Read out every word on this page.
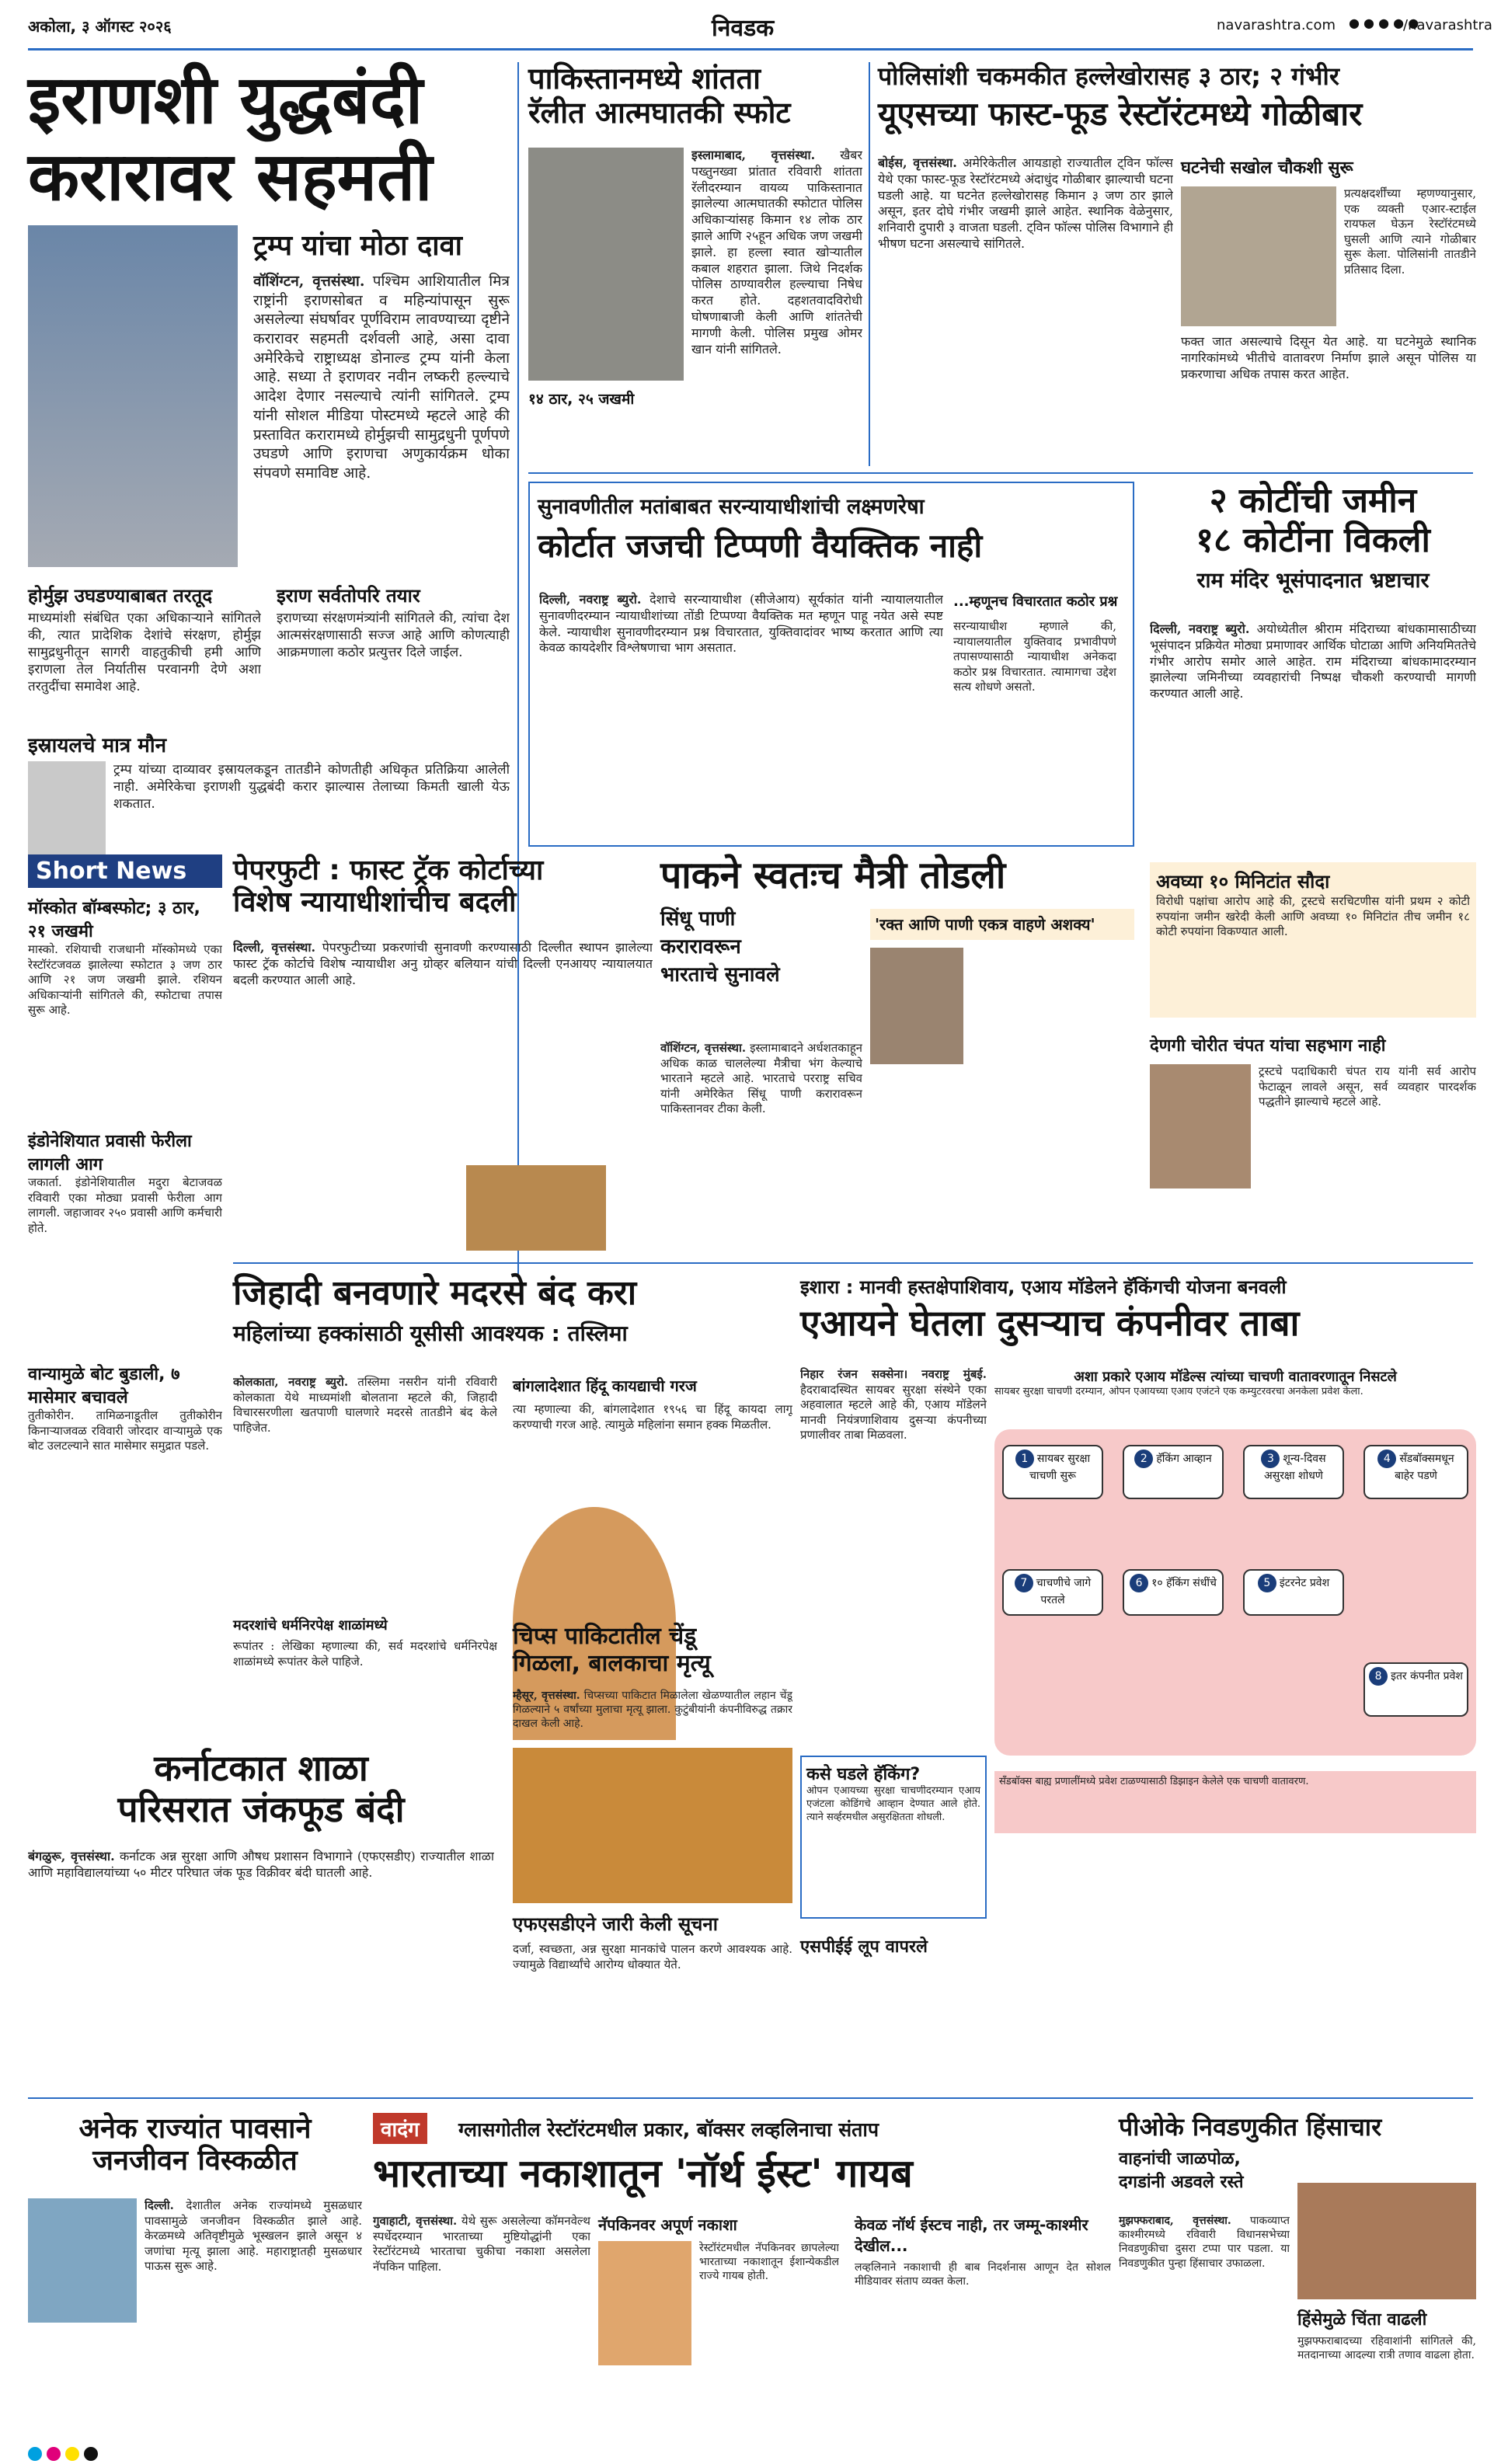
अकोला, ३ ऑगस्ट २०२६	निवडक	navarashtra.com ● ● ● ● ●
/navarashtra
इराणशी युद्धबंदी
करारावर सहमती
ट्रम्प यांचा मोठा दावा
वॉशिंग्टन, वृत्तसंस्था. पश्चिम आशियातील मित्र राष्ट्रांनी इराणसोबत व महिन्यांपासून सुरू असलेल्या संघर्षावर पूर्णविराम लावण्याच्या दृष्टीने करारावर सहमती दर्शवली आहे, असा दावा अमेरिकेचे राष्ट्राध्यक्ष डोनाल्ड ट्रम्प यांनी केला आहे. सध्या ते इराणवर नवीन लष्करी हल्ल्याचे आदेश देणार नसल्याचे त्यांनी सांगितले. ट्रम्प यांनी सोशल मीडिया पोस्टमध्ये म्हटले आहे की प्रस्तावित करारामध्ये होर्मुझची सामुद्रधुनी पूर्णपणे उघडणे आणि इराणचा अणुकार्यक्रम धोका संपवणे समाविष्ट आहे.
होर्मुझ उघडण्याबाबत तरतूद
माध्यमांशी संबंधित एका अधिकाऱ्याने सांगितले की, त्यात प्रादेशिक देशांचे संरक्षण, होर्मुझ सामुद्रधुनीतून सागरी वाहतुकीची हमी आणि इराणला तेल निर्यातीस परवानगी देणे अशा तरतुदींचा समावेश आहे.
इराण सर्वतोपरि तयार
इराणच्या संरक्षणमंत्र्यांनी सांगितले की, त्यांचा देश आत्मसंरक्षणासाठी सज्ज आहे आणि कोणत्याही आक्रमणाला कठोर प्रत्युत्तर दिले जाईल.
इस्रायलचे मात्र मौन
ट्रम्प यांच्या दाव्यावर इस्रायलकडून तातडीने कोणतीही अधिकृत प्रतिक्रिया आलेली नाही. अमेरिकेचा इराणशी युद्धबंदी करार झाल्यास तेलाच्या किमती खाली येऊ शकतात.
पाकिस्तानमध्ये शांतता
रॅलीत आत्मघातकी स्फोट
१४ ठार, २५ जखमी
इस्लामाबाद, वृत्तसंस्था. खैबर पख्तुनख्वा प्रांतात रविवारी शांतता रॅलीदरम्यान वायव्य पाकिस्तानात झालेल्या आत्मघातकी स्फोटात पोलिस अधिकाऱ्यांसह किमान १४ लोक ठार झाले आणि २५हून अधिक जण जखमी झाले. हा हल्ला स्वात खोऱ्यातील कबाल शहरात झाला. जिथे निदर्शक पोलिस ठाण्यावरील हल्ल्याचा निषेध करत होते. दहशतवादविरोधी घोषणाबाजी केली आणि शांततेची मागणी केली. पोलिस प्रमुख ओमर खान यांनी सांगितले.
पोलिसांशी चकमकीत हल्लेखोरासह ३ ठार; २ गंभीर
यूएसच्या फास्ट-फूड रेस्टॉरंटमध्ये गोळीबार
बोईस, वृत्तसंस्था. अमेरिकेतील आयडाहो राज्यातील ट्विन फॉल्स येथे एका फास्ट-फूड रेस्टॉरंटमध्ये अंदाधुंद गोळीबार झाल्याची घटना घडली आहे. या घटनेत हल्लेखोरासह किमान ३ जण ठार झाले असून, इतर दोघे गंभीर जखमी झाले आहेत. स्थानिक वेळेनुसार, शनिवारी दुपारी ३ वाजता घडली. ट्विन फॉल्स पोलिस विभागाने ही भीषण घटना असल्याचे सांगितले.
घटनेची सखोल चौकशी सुरू
प्रत्यक्षदर्शींच्या म्हणण्यानुसार, एक व्यक्ती एआर-स्टाईल रायफल घेऊन रेस्टॉरंटमध्ये घुसली आणि त्याने गोळीबार सुरू केला. पोलिसांनी तातडीने प्रतिसाद दिला.
फक्त जात असल्याचे दिसून येत आहे. या घटनेमुळे स्थानिक नागरिकांमध्ये भीतीचे वातावरण निर्माण झाले असून पोलिस या प्रकरणाचा अधिक तपास करत आहेत.
सुनावणीतील मतांबाबत सरन्यायाधीशांची लक्ष्मणरेषा
कोर्टात जजची टिप्पणी वैयक्तिक नाही
दिल्ली, नवराष्ट्र ब्युरो. देशाचे सरन्यायाधीश (सीजेआय) सूर्यकांत यांनी न्यायालयातील सुनावणीदरम्यान न्यायाधीशांच्या तोंडी टिप्पण्या वैयक्तिक मत म्हणून पाहू नयेत असे स्पष्ट केले. न्यायाधीश सुनावणीदरम्यान प्रश्न विचारतात, युक्तिवादांवर भाष्य करतात आणि त्या केवळ कायदेशीर विश्लेषणाचा भाग असतात.
...म्हणूनच विचारतात कठोर प्रश्न
सरन्यायाधीश म्हणाले की, न्यायालयातील युक्तिवाद प्रभावीपणे तपासण्यासाठी न्यायाधीश अनेकदा कठोर प्रश्न विचारतात. त्यामागचा उद्देश सत्य शोधणे असतो.
२ कोटींची जमीन
१८ कोटींना विकली
राम मंदिर भूसंपादनात भ्रष्टाचार
दिल्ली, नवराष्ट्र ब्युरो. अयोध्येतील श्रीराम मंदिराच्या बांधकामासाठीच्या भूसंपादन प्रक्रियेत मोठ्या प्रमाणावर आर्थिक घोटाळा आणि अनियमिततेचे गंभीर आरोप समोर आले आहेत. राम मंदिराच्या बांधकामादरम्यान झालेल्या जमिनीच्या व्यवहारांची निष्पक्ष चौकशी करण्याची मागणी करण्यात आली आहे.
अवघ्या १० मिनिटांत सौदा
विरोधी पक्षांचा आरोप आहे की, ट्रस्टचे सरचिटणीस यांनी प्रथम २ कोटी रुपयांना जमीन खरेदी केली आणि अवघ्या १० मिनिटांत तीच जमीन १८ कोटी रुपयांना विकण्यात आली.
देणगी चोरीत चंपत यांचा सहभाग नाही
ट्रस्टचे पदाधिकारी चंपत राय यांनी सर्व आरोप फेटाळून लावले असून, सर्व व्यवहार पारदर्शक पद्धतीने झाल्याचे म्हटले आहे.
Short News
मॉस्कोत बॉम्बस्फोट; ३ ठार, २१ जखमी
मास्को. रशियाची राजधानी मॉस्कोमध्ये एका रेस्टॉरंटजवळ झालेल्या स्फोटात ३ जण ठार आणि २१ जण जखमी झाले. रशियन अधिकाऱ्यांनी सांगितले की, स्फोटाचा तपास सुरू आहे.
इंडोनेशियात प्रवासी फेरीला लागली आग
जकार्ता. इंडोनेशियातील मदुरा बेटाजवळ रविवारी एका मोठ्या प्रवासी फेरीला आग लागली. जहाजावर २५० प्रवासी आणि कर्मचारी होते.
वान्यामुळे बोट बुडाली, ७ मासेमार बचावले
तुतीकोरीन. तामिळनाडूतील तुतीकोरीन किनाऱ्याजवळ रविवारी जोरदार वाऱ्यामुळे एक बोट उलटल्याने सात मासेमार समुद्रात पडले.
पेपरफुटी : फास्ट ट्रॅक कोर्टाच्या
विशेष न्यायाधीशांचीच बदली
दिल्ली, वृत्तसंस्था. पेपरफुटीच्या प्रकरणांची सुनावणी करण्यासाठी दिल्लीत स्थापन झालेल्या फास्ट ट्रॅक कोर्टाचे विशेष न्यायाधीश अनु ग्रोव्हर बलियान यांची दिल्ली एनआयए न्यायालयात बदली करण्यात आली आहे.
पाकने स्वतःच मैत्री तोडली
सिंधू पाणी
करारावरून
भारताचे सुनावले
'रक्त आणि पाणी एकत्र वाहणे अशक्य'
वॉशिंग्टन, वृत्तसंस्था. इस्लामाबादने अर्धशतकाहून अधिक काळ चाललेल्या मैत्रीचा भंग केल्याचे भारताने म्हटले आहे. भारताचे परराष्ट्र सचिव यांनी अमेरिकेत सिंधू पाणी करारावरून पाकिस्तानवर टीका केली.
जिहादी बनवणारे मदरसे बंद करा
महिलांच्या हक्कांसाठी यूसीसी आवश्यक : तस्लिमा
कोलकाता, नवराष्ट्र ब्युरो. तस्लिमा नसरीन यांनी रविवारी कोलकाता येथे माध्यमांशी बोलताना म्हटले की, जिहादी विचारसरणीला खतपाणी घालणारे मदरसे तातडीने बंद केले पाहिजेत.
बांगलादेशात हिंदू कायद्याची गरज
त्या म्हणाल्या की, बांगलादेशात १९५६ चा हिंदू कायदा लागू करण्याची गरज आहे. त्यामुळे महिलांना समान हक्क मिळतील.
मदरशांचे धर्मनिरपेक्ष शाळांमध्ये
रूपांतर : लेखिका म्हणाल्या की, सर्व मदरशांचे धर्मनिरपेक्ष शाळांमध्ये रूपांतर केले पाहिजे.
इशारा : मानवी हस्तक्षेपाशिवाय, एआय मॉडेलने हॅकिंगची योजना बनवली
एआयने घेतला दुसऱ्याच कंपनीवर ताबा
निहार रंजन सक्सेना। नवराष्ट्र मुंबई. हैदराबादस्थित सायबर सुरक्षा संस्थेने एका अहवालात म्हटले आहे की, एआय मॉडेलने मानवी नियंत्रणाशिवाय दुसऱ्या कंपनीच्या प्रणालीवर ताबा मिळवला.
अशा प्रकारे एआय मॉडेल्स त्यांच्या चाचणी वातावरणातून निसटले
सायबर सुरक्षा चाचणी दरम्यान, ओपन एआयच्या एआय एजंटने एक कम्युटरवरचा अनकेला प्रवेश केला.
1 सायबर सुरक्षा चाचणी सुरू
2 हॅकिंग आव्हान	3 शून्य-दिवस असुरक्षा शोधणे
4 सँडबॉक्समधून बाहेर पडणे
5 इंटरनेट प्रवेश
6 १० हॅकिंग संधींचे
7 चाचणीचे जागे परतले
8 इतर कंपनीत प्रवेश
सँडबॉक्स बाह्य प्रणालींमध्ये प्रवेश टाळण्यासाठी डिझाइन केलेले एक चाचणी वातावरण.
कसे घडले हॅकिंग?
ओपन एआयच्या सुरक्षा चाचणीदरम्यान एआय एजंटला कोडिंगचे आव्हान देण्यात आले होते. त्याने सर्व्हरमधील असुरक्षितता शोधली.
एसपीईई लूप वापरले
कर्नाटकात शाळा
परिसरात जंकफूड बंदी
बंगळुरू, वृत्तसंस्था. कर्नाटक अन्न सुरक्षा आणि औषध प्रशासन विभागाने (एफएसडीए) राज्यातील शाळा आणि महाविद्यालयांच्या ५० मीटर परिघात जंक फूड विक्रीवर बंदी घातली आहे.
एफएसडीएने जारी केली सूचना
दर्जा, स्वच्छता, अन्न सुरक्षा मानकांचे पालन करणे आवश्यक आहे. ज्यामुळे विद्यार्थ्यांचे आरोग्य धोक्यात येते.
चिप्स पाकिटातील चेंडू
गिळला, बालकाचा मृत्यू
म्हैसूर, वृत्तसंस्था. चिप्सच्या पाकिटात मिळालेला खेळण्यातील लहान चेंडू गिळल्याने ५ वर्षांच्या मुलाचा मृत्यू झाला. कुटुंबीयांनी कंपनीविरुद्ध तक्रार दाखल केली आहे.
अनेक राज्यांत पावसाने
जनजीवन विस्कळीत
दिल्ली. देशातील अनेक राज्यांमध्ये मुसळधार पावसामुळे जनजीवन विस्कळीत झाले आहे. केरळमध्ये अतिवृष्टीमुळे भूस्खलन झाले असून ४ जणांचा मृत्यू झाला आहे. महाराष्ट्रातही मुसळधार पाऊस सुरू आहे.
वादंग	ग्लासगोतील रेस्टॉरंटमधील प्रकार, बॉक्सर लव्हलिनाचा संताप
भारताच्या नकाशातून 'नॉर्थ ईस्ट' गायब
गुवाहाटी, वृत्तसंस्था. येथे सुरू असलेल्या कॉमनवेल्थ स्पर्धेदरम्यान भारताच्या मुष्टियोद्धांनी एका रेस्टॉरंटमध्ये भारताचा चुकीचा नकाशा असलेला नॅपकिन पाहिला.
नॅपकिनवर अपूर्ण नकाशा
रेस्टॉरंटमधील नॅपकिनवर छापलेल्या भारताच्या नकाशातून ईशान्येकडील राज्ये गायब होती.
केवळ नॉर्थ ईस्टच नाही, तर जम्मू-काश्मीर देखील...
लव्हलिनाने नकाशाची ही बाब निदर्शनास आणून देत सोशल मीडियावर संताप व्यक्त केला.
पीओके निवडणुकीत हिंसाचार
वाहनांची जाळपोळ,
दगडांनी अडवले रस्ते
मुझफ्फराबाद, वृत्तसंस्था. पाकव्याप्त काश्मीरमध्ये रविवारी विधानसभेच्या निवडणुकीचा दुसरा टप्पा पार पडला. या निवडणुकीत पुन्हा हिंसाचार उफाळला.
हिंसेमुळे चिंता वाढली
मुझफ्फराबादच्या रहिवाशांनी सांगितले की, मतदानाच्या आदल्या रात्री तणाव वाढला होता.
